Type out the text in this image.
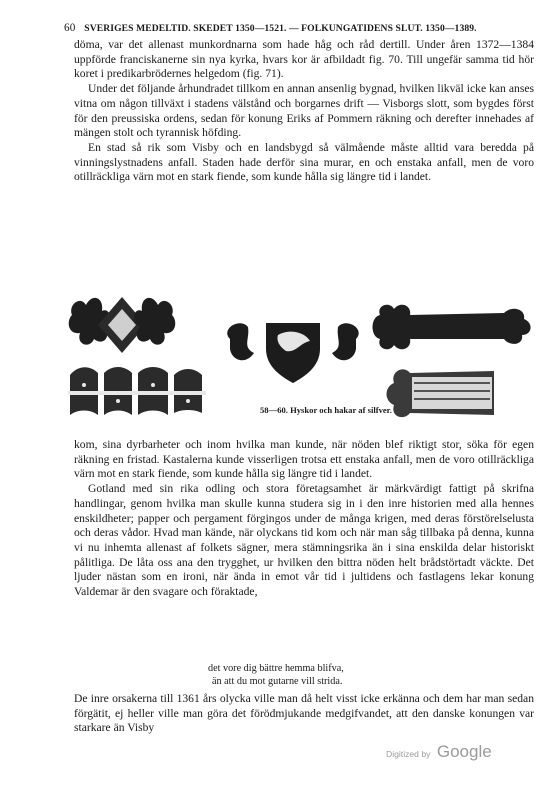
60 SVERIGES MEDELTID. SKEDET 1350—1521. — FOLKUNGATIDENS SLUT. 1350—1389.

döma, var det allenast munkordnarna som hade håg och råd dertill. Under åren 1372—1384 uppförde franciskanerne sin nya kyrka, hvars kor är afbildadt fig. 70. Till ungefär samma tid hör koret i predikarbrödernes helgedom (fig. 71).

Under det följande århundradet tillkom en annan ansenlig bygnad, hvilken likväl icke kan anses vitna om någon tillväxt i stadens välstånd och borgarnes drift — Visborgs slott, som bygdes först för den preussiska ordens, sedan för konung Eriks af Pommern räkning och derefter innehades af mängen stolt och tyrannisk höfding.

En stad så rik som Visby och en landsbygd så välmående måste alltid vara beredda på vinningslystnadens anfall. Staden hade derför sina murar, en och enstaka anfall, men de voro otillräckliga värn mot en stark fiende, som kunde hålla sig längre tid i landet.

58—60. Hyskor och hakar af silfver.

kom, sina dyrbarheter och inom hvilka man kunde, när nöden blef riktigt stor, söka för egen räkning en fristad. Kastalerna kunde visserligen trotsa ett enstaka anfall, men de voro otillräckliga värn mot en stark fiende, som kunde hålla sig längre tid i landet.

Gotland med sin rika odling och stora företagsamhet är märkvärdigt fattigt på skrifna handlingar, genom hvilka man skulle kunna studera sig in i den inre historien med alla hennes enskildheter; papper och pergament förgingos under de många krigen, med deras förstörelselusta och deras vådor. Hvad man kände, när olyckans tid kom och när man såg tillbaka på denna, kunna vi nu inhemta allenast af folkets sägner, mera stämningsrika än i sina enskilda delar historiskt pålitliga. De låta oss ana den trygghet, ur hvilken den bittra nöden helt brådstörtadt väckte. Det ljuder nästan som en ironi, när ända in emot vår tid i jultidens och fastlagens lekar konung Valdemar är den svagare och föraktade,

det vore dig bättre hemma blifva,
än att du mot gutarne vill strida.

De inre orsakerna till 1361 års olycka ville man då helt visst icke erkänna och dem har man sedan förgätit, ej heller ville man göra det förödmjukande medgifvandet, att den danske konungen var starkare än Visby

Digitized by Google
